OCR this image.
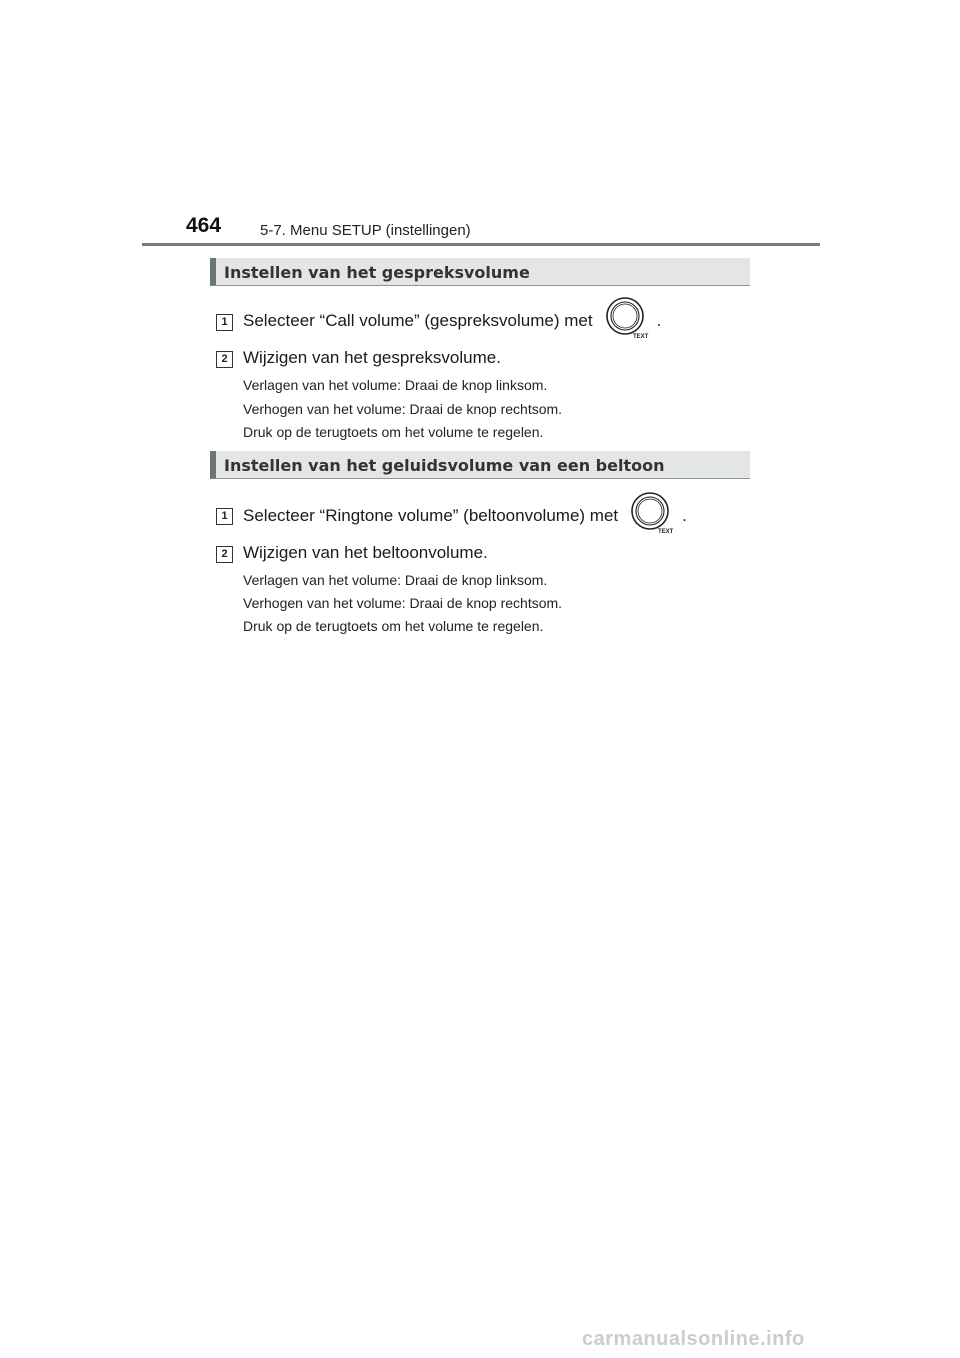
464	5-7. Menu SETUP (instellingen)
Instellen van het gespreksvolume
1 Selecteer “Call volume” (gespreksvolume) met
TEXT
.
2 Wijzigen van het gespreksvolume.
Verlagen van het volume: Draai de knop linksom.
Verhogen van het volume: Draai de knop rechtsom.
Druk op de terugtoets om het volume te regelen.
Instellen van het geluidsvolume van een beltoon
1 Selecteer “Ringtone volume” (beltoonvolume) met
TEXT
.
2 Wijzigen van het beltoonvolume.
Verlagen van het volume: Draai de knop linksom.
Verhogen van het volume: Draai de knop rechtsom.
Druk op de terugtoets om het volume te regelen.
carmanualsonline.info
